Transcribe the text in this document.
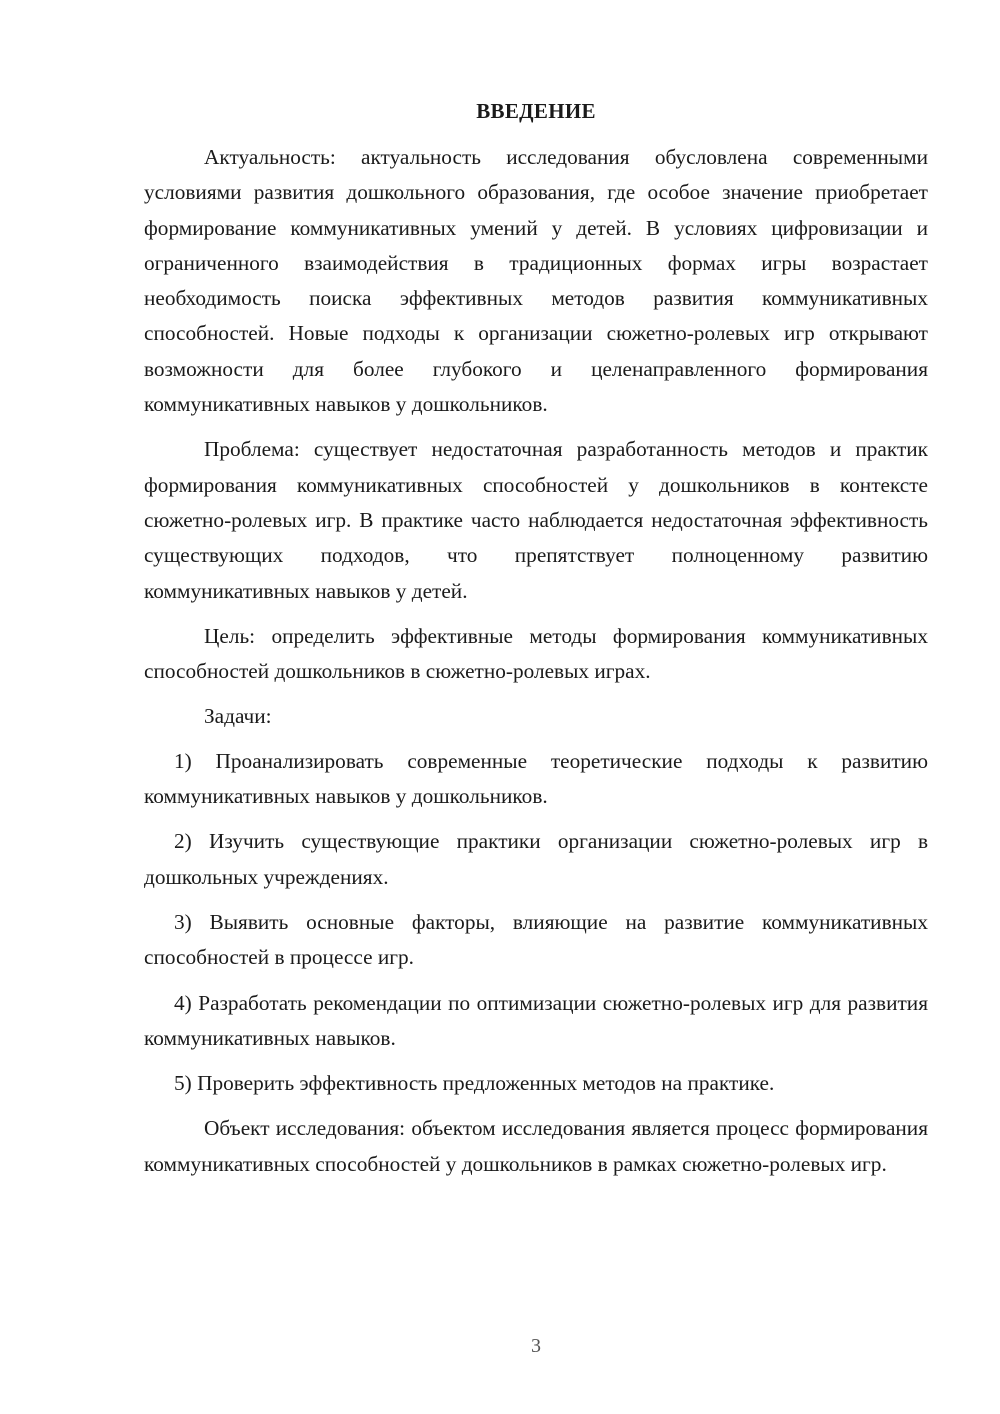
ВВЕДЕНИЕ

Актуальность: актуальность исследования обусловлена современными условиями развития дошкольного образования, где особое значение приобретает формирование коммуникативных умений у детей. В условиях цифровизации и ограниченного взаимодействия в традиционных формах игры возрастает необходимость поиска эффективных методов развития коммуникативных способностей. Новые подходы к организации сюжетно-ролевых игр открывают возможности для более глубокого и целенаправленного формирования коммуникативных навыков у дошкольников.

Проблема: существует недостаточная разработанность методов и практик формирования коммуникативных способностей у дошкольников в контексте сюжетно-ролевых игр. В практике часто наблюдается недостаточная эффективность существующих подходов, что препятствует полноценному развитию коммуникативных навыков у детей.

Цель: определить эффективные методы формирования коммуникативных способностей дошкольников в сюжетно-ролевых играх.

Задачи:

1) Проанализировать современные теоретические подходы к развитию коммуникативных навыков у дошкольников.

2) Изучить существующие практики организации сюжетно-ролевых игр в дошкольных учреждениях.

3) Выявить основные факторы, влияющие на развитие коммуникативных способностей в процессе игр.

4) Разработать рекомендации по оптимизации сюжетно-ролевых игр для развития коммуникативных навыков.

5) Проверить эффективность предложенных методов на практике.

Объект исследования: объектом исследования является процесс формирования коммуникативных способностей у дошкольников в рамках сюжетно-ролевых игр.

3
